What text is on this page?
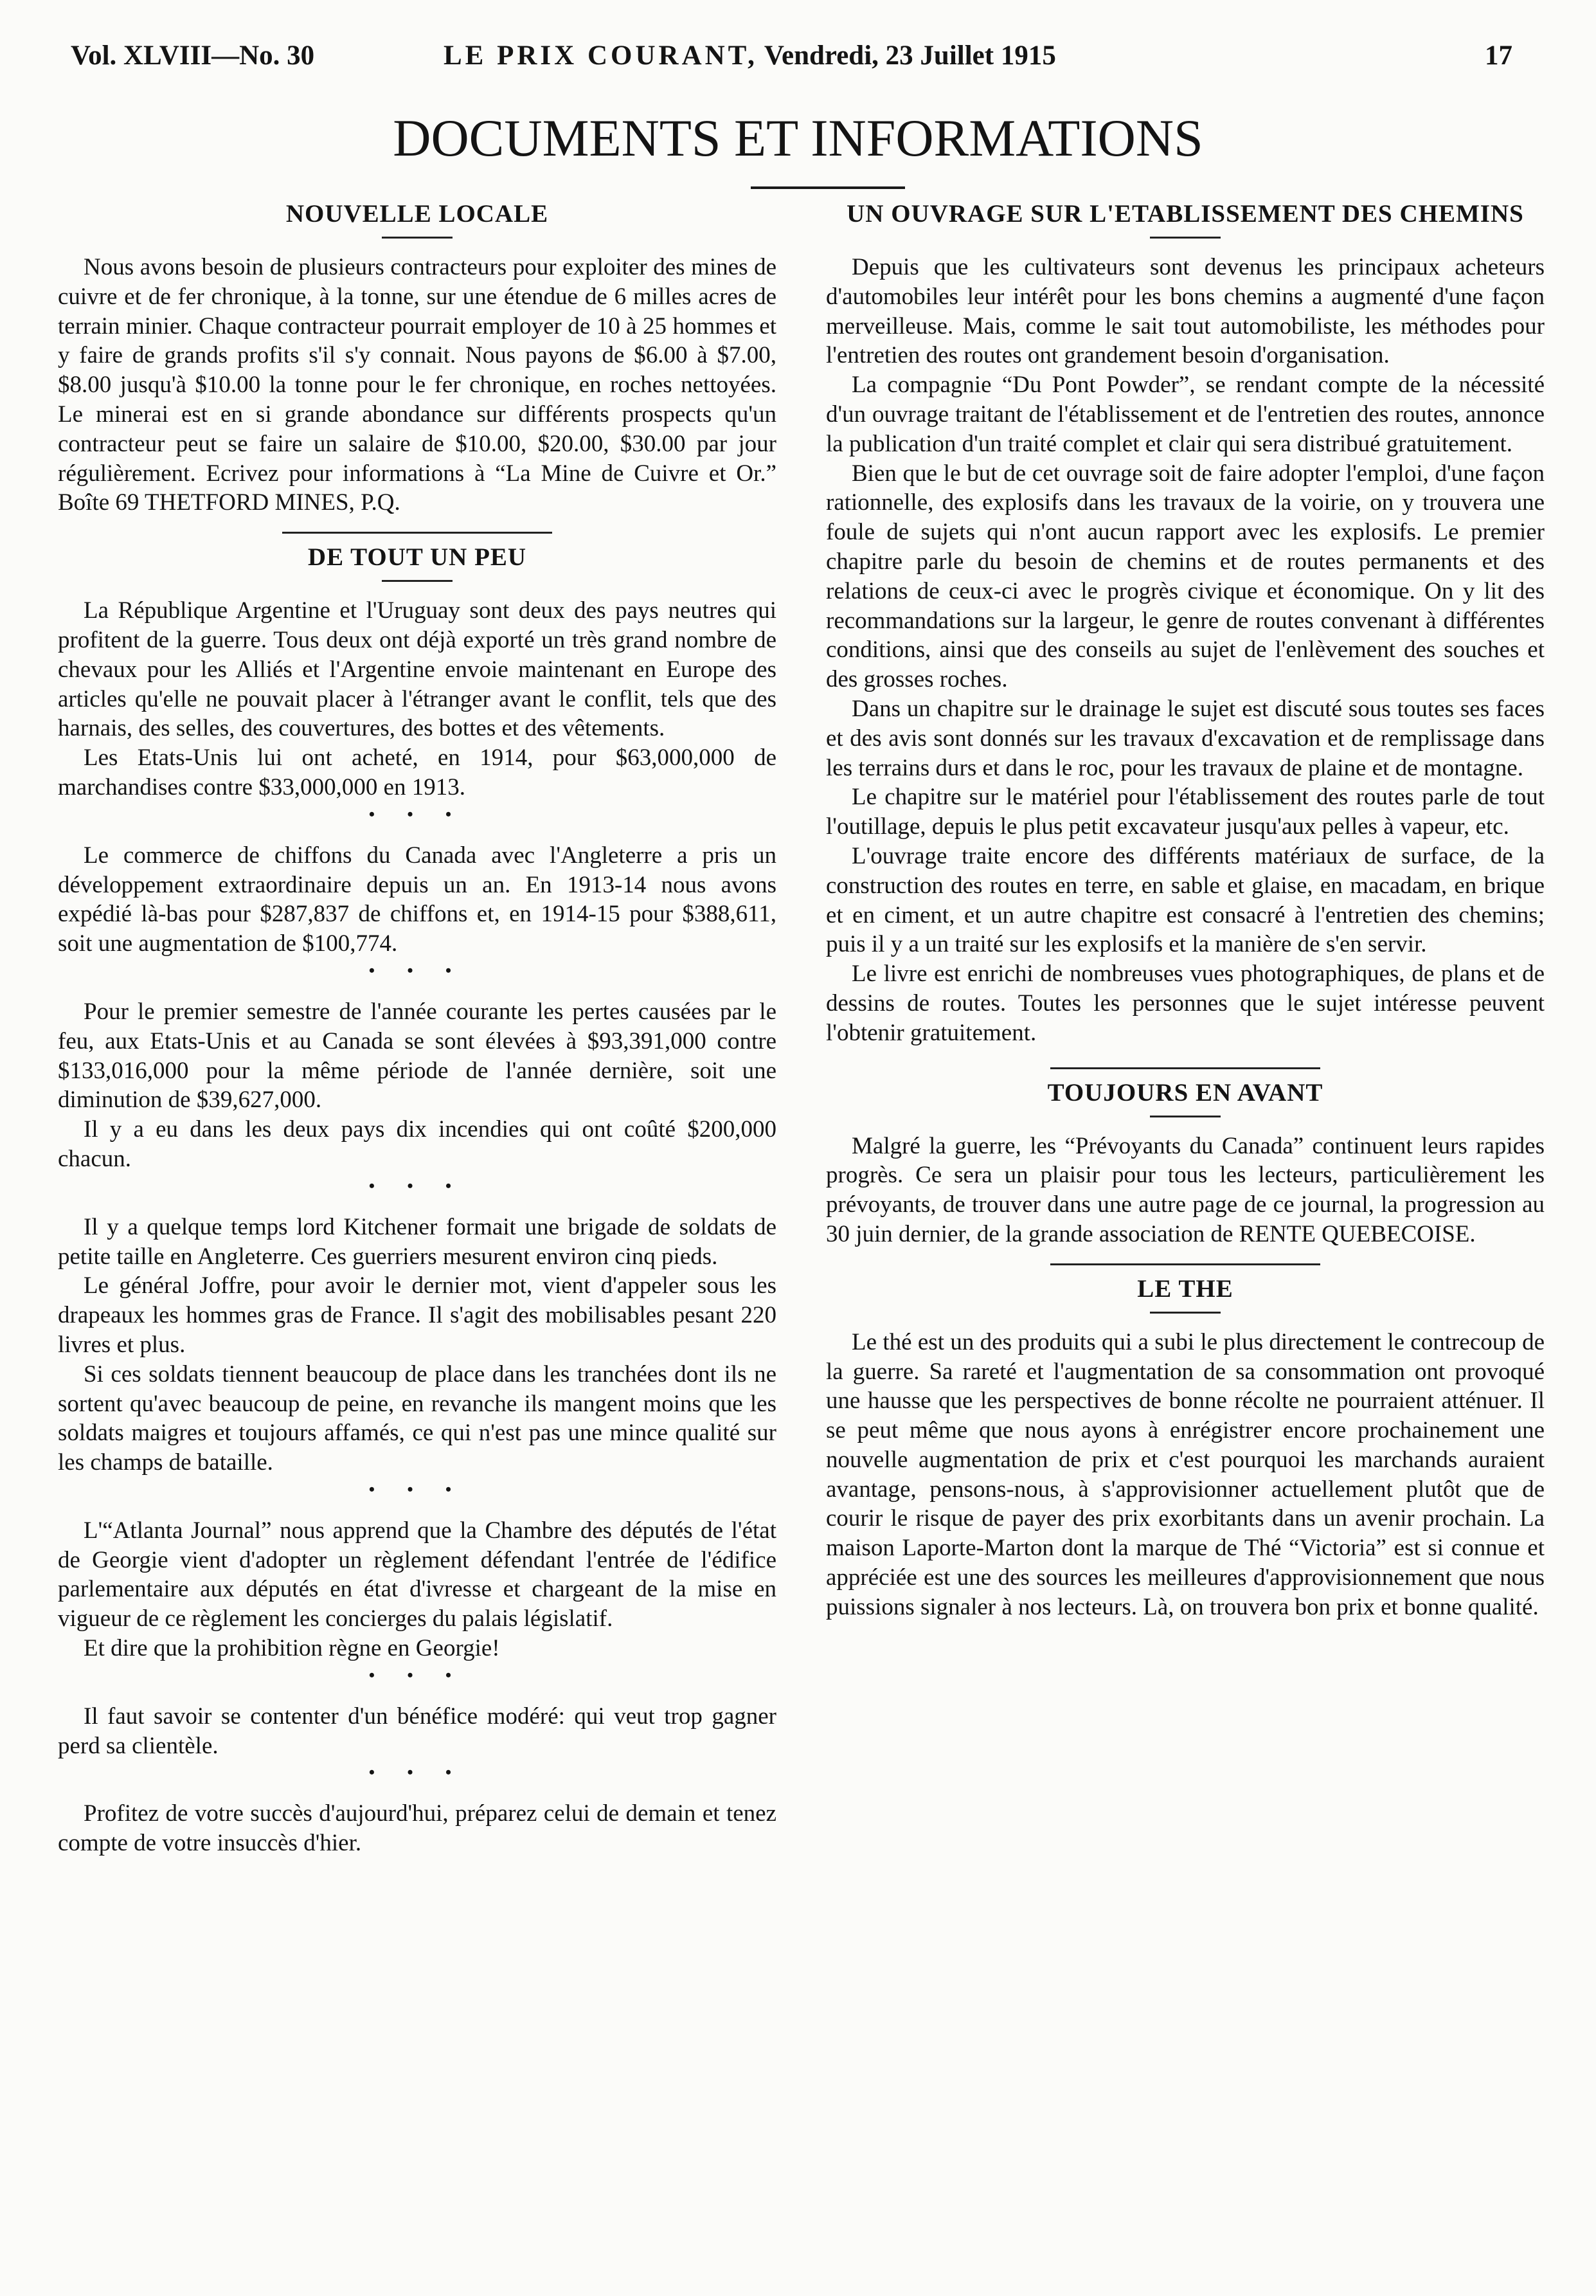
Vol. XLVIII—No. 30	LE PRIX COURANT, Vendredi, 23 Juillet 1915	17
DOCUMENTS ET INFORMATIONS
NOUVELLE LOCALE

Nous avons besoin de plusieurs contracteurs pour exploiter des mines de cuivre et de fer chronique, à la tonne, sur une étendue de 6 milles acres de terrain minier. Chaque contracteur pourrait employer de 10 à 25 hommes et y faire de grands profits s'il s'y connait. Nous payons de $6.00 à $7.00, $8.00 jusqu'à $10.00 la tonne pour le fer chronique, en roches nettoyées. Le minerai est en si grande abondance sur différents prospects qu'un contracteur peut se faire un salaire de $10.00, $20.00, $30.00 par jour régulièrement. Ecrivez pour informations à “La Mine de Cuivre et Or.” Boîte 69 THETFORD MINES, P.Q.

DE TOUT UN PEU

La République Argentine et l'Uruguay sont deux des pays neutres qui profitent de la guerre. Tous deux ont déjà exporté un très grand nombre de chevaux pour les Alliés et l'Argentine envoie maintenant en Europe des articles qu'elle ne pouvait placer à l'étranger avant le conflit, tels que des harnais, des selles, des couvertures, des bottes et des vêtements.

Les Etats-Unis lui ont acheté, en 1914, pour $63,000,000 de marchandises contre $33,000,000 en 1913.

• • •

Le commerce de chiffons du Canada avec l'Angleterre a pris un développement extraordinaire depuis un an. En 1913-14 nous avons expédié là-bas pour $287,837 de chiffons et, en 1914-15 pour $388,611, soit une augmentation de $100,774.

• • •

Pour le premier semestre de l'année courante les pertes causées par le feu, aux Etats-Unis et au Canada se sont élevées à $93,391,000 contre $133,016,000 pour la même période de l'année dernière, soit une diminution de $39,627,000.

Il y a eu dans les deux pays dix incendies qui ont coûté $200,000 chacun.

• • •

Il y a quelque temps lord Kitchener formait une brigade de soldats de petite taille en Angleterre. Ces guerriers mesurent environ cinq pieds.

Le général Joffre, pour avoir le dernier mot, vient d'appeler sous les drapeaux les hommes gras de France. Il s'agit des mobilisables pesant 220 livres et plus.

Si ces soldats tiennent beaucoup de place dans les tranchées dont ils ne sortent qu'avec beaucoup de peine, en revanche ils mangent moins que les soldats maigres et toujours affamés, ce qui n'est pas une mince qualité sur les champs de bataille.

• • •

L'“Atlanta Journal” nous apprend que la Chambre des députés de l'état de Georgie vient d'adopter un règlement défendant l'entrée de l'édifice parlementaire aux députés en état d'ivresse et chargeant de la mise en vigueur de ce règlement les concierges du palais législatif.

Et dire que la prohibition règne en Georgie!

• • •

Il faut savoir se contenter d'un bénéfice modéré: qui veut trop gagner perd sa clientèle.

• • •

Profitez de votre succès d'aujourd'hui, préparez celui de demain et tenez compte de votre insuccès d'hier.

UN OUVRAGE SUR L'ETABLISSEMENT DES CHEMINS

Depuis que les cultivateurs sont devenus les principaux acheteurs d'automobiles leur intérêt pour les bons chemins a augmenté d'une façon merveilleuse. Mais, comme le sait tout automobiliste, les méthodes pour l'entretien des routes ont grandement besoin d'organisation.

La compagnie “Du Pont Powder”, se rendant compte de la nécessité d'un ouvrage traitant de l'établissement et de l'entretien des routes, annonce la publication d'un traité complet et clair qui sera distribué gratuitement.

Bien que le but de cet ouvrage soit de faire adopter l'emploi, d'une façon rationnelle, des explosifs dans les travaux de la voirie, on y trouvera une foule de sujets qui n'ont aucun rapport avec les explosifs. Le premier chapitre parle du besoin de chemins et de routes permanents et des relations de ceux-ci avec le progrès civique et économique. On y lit des recommandations sur la largeur, le genre de routes convenant à différentes conditions, ainsi que des conseils au sujet de l'enlèvement des souches et des grosses roches.

Dans un chapitre sur le drainage le sujet est discuté sous toutes ses faces et des avis sont donnés sur les travaux d'excavation et de remplissage dans les terrains durs et dans le roc, pour les travaux de plaine et de montagne.

Le chapitre sur le matériel pour l'établissement des routes parle de tout l'outillage, depuis le plus petit excavateur jusqu'aux pelles à vapeur, etc.

L'ouvrage traite encore des différents matériaux de surface, de la construction des routes en terre, en sable et glaise, en macadam, en brique et en ciment, et un autre chapitre est consacré à l'entretien des chemins; puis il y a un traité sur les explosifs et la manière de s'en servir.

Le livre est enrichi de nombreuses vues photographiques, de plans et de dessins de routes. Toutes les personnes que le sujet intéresse peuvent l'obtenir gratuitement.

TOUJOURS EN AVANT

Malgré la guerre, les “Prévoyants du Canada” continuent leurs rapides progrès. Ce sera un plaisir pour tous les lecteurs, particulièrement les prévoyants, de trouver dans une autre page de ce journal, la progression au 30 juin dernier, de la grande association de RENTE QUEBECOISE.

LE THE

Le thé est un des produits qui a subi le plus directement le contrecoup de la guerre. Sa rareté et l'augmentation de sa consommation ont provoqué une hausse que les perspectives de bonne récolte ne pourraient atténuer. Il se peut même que nous ayons à enrégistrer encore prochainement une nouvelle augmentation de prix et c'est pourquoi les marchands auraient avantage, pensons-nous, à s'approvisionner actuellement plutôt que de courir le risque de payer des prix exorbitants dans un avenir prochain. La maison Laporte-Marton dont la marque de Thé “Victoria” est si connue et appréciée est une des sources les meilleures d'approvisionnement que nous puissions signaler à nos lecteurs. Là, on trouvera bon prix et bonne qualité.
